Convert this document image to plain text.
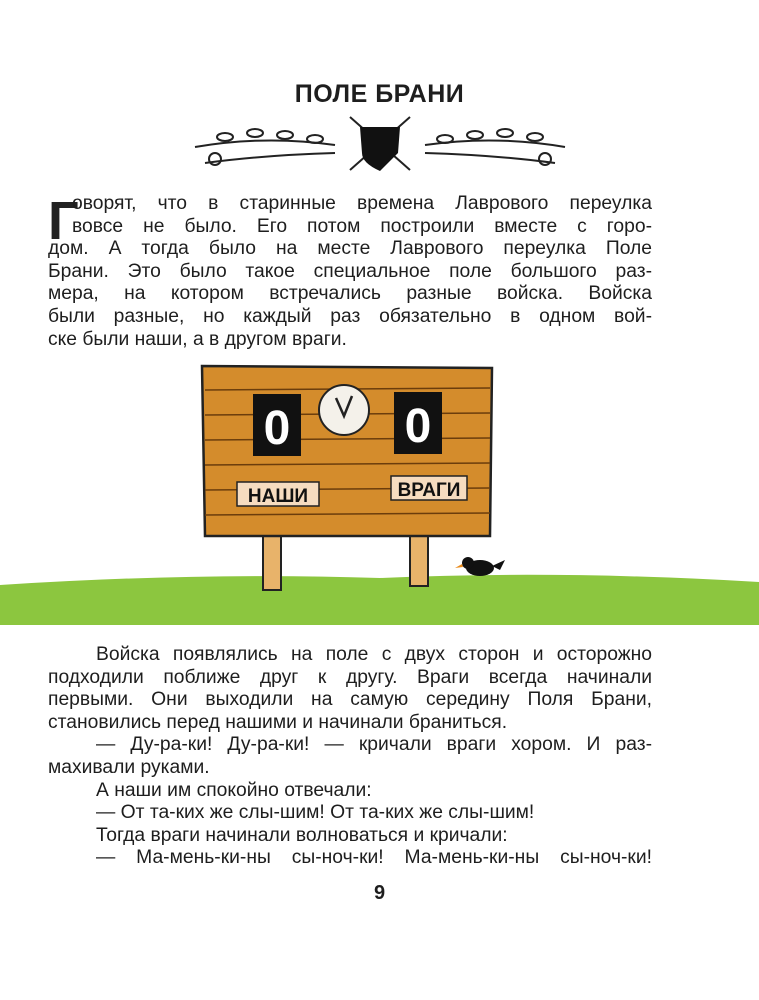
ПОЛЕ БРАНИ
Г
оворят, что в старинные времена Лаврового переулка
вовсе не было. Его потом построили вместе с горо-
дом. А тогда было на месте Лаврового переулка Поле
Брани. Это было такое специальное поле большого раз-
мера, на котором встречались разные войска. Войска
были разные, но каждый раз обязательно в одном вой-
ске были наши, а в другом враги.
0 0
НАШИ	ВРАГИ
Войска появлялись на поле с двух сторон и осторожно
подходили поближе друг к другу. Враги всегда начинали
первыми. Они выходили на самую середину Поля Брани,
становились перед нашими и начинали браниться.
— Ду-ра-ки! Ду-ра-ки! — кричали враги хором. И раз-
махивали руками.
А наши им спокойно отвечали:
— От та-ких же слы-шим! От та-ких же слы-шим!
Тогда враги начинали волноваться и кричали:
— Ма-мень-ки-ны сы-ноч-ки! Ма-мень-ки-ны сы-ноч-ки!
9
